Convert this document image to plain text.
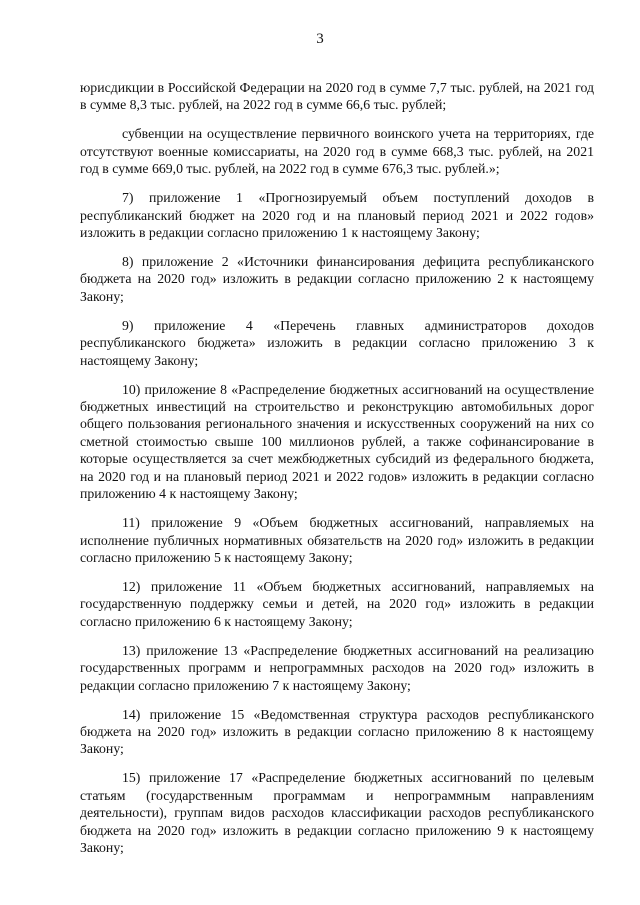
3

юрисдикции в Российской Федерации на 2020 год в сумме 7,7 тыс. рублей, на 2021 год в сумме 8,3 тыс. рублей, на 2022 год в сумме 66,6 тыс. рублей;

субвенции на осуществление первичного воинского учета на территориях, где отсутствуют военные комиссариаты, на 2020 год в сумме 668,3 тыс. рублей, на 2021 год в сумме 669,0 тыс. рублей, на 2022 год в сумме 676,3 тыс. рублей.»;

7) приложение 1 «Прогнозируемый объем поступлений доходов в республиканский бюджет на 2020 год и на плановый период 2021 и 2022 годов» изложить в редакции согласно приложению 1 к настоящему Закону;

8) приложение 2 «Источники финансирования дефицита республиканского бюджета на 2020 год» изложить в редакции согласно приложению 2 к настоящему Закону;

9) приложение 4 «Перечень главных администраторов доходов республиканского бюджета» изложить в редакции согласно приложению 3 к настоящему Закону;

10) приложение 8 «Распределение бюджетных ассигнований на осуществление бюджетных инвестиций на строительство и реконструкцию автомобильных дорог общего пользования регионального значения и искусственных сооружений на них со сметной стоимостью свыше 100 миллионов рублей, а также софинансирование в которые осуществляется за счет межбюджетных субсидий из федерального бюджета, на 2020 год и на плановый период 2021 и 2022 годов» изложить в редакции согласно приложению 4 к настоящему Закону;

11) приложение 9 «Объем бюджетных ассигнований, направляемых на исполнение публичных нормативных обязательств на 2020 год» изложить в редакции согласно приложению 5 к настоящему Закону;

12) приложение 11 «Объем бюджетных ассигнований, направляемых на государственную поддержку семьи и детей, на 2020 год» изложить в редакции согласно приложению 6 к настоящему Закону;

13) приложение 13 «Распределение бюджетных ассигнований на реализацию государственных программ и непрограммных расходов на 2020 год» изложить в редакции согласно приложению 7 к настоящему Закону;

14) приложение 15 «Ведомственная структура расходов республиканского бюджета на 2020 год» изложить в редакции согласно приложению 8 к настоящему Закону;

15) приложение 17 «Распределение бюджетных ассигнований по целевым статьям (государственным программам и непрограммным направлениям деятельности), группам видов расходов классификации расходов республиканского бюджета на 2020 год» изложить в редакции согласно приложению 9 к настоящему Закону;
